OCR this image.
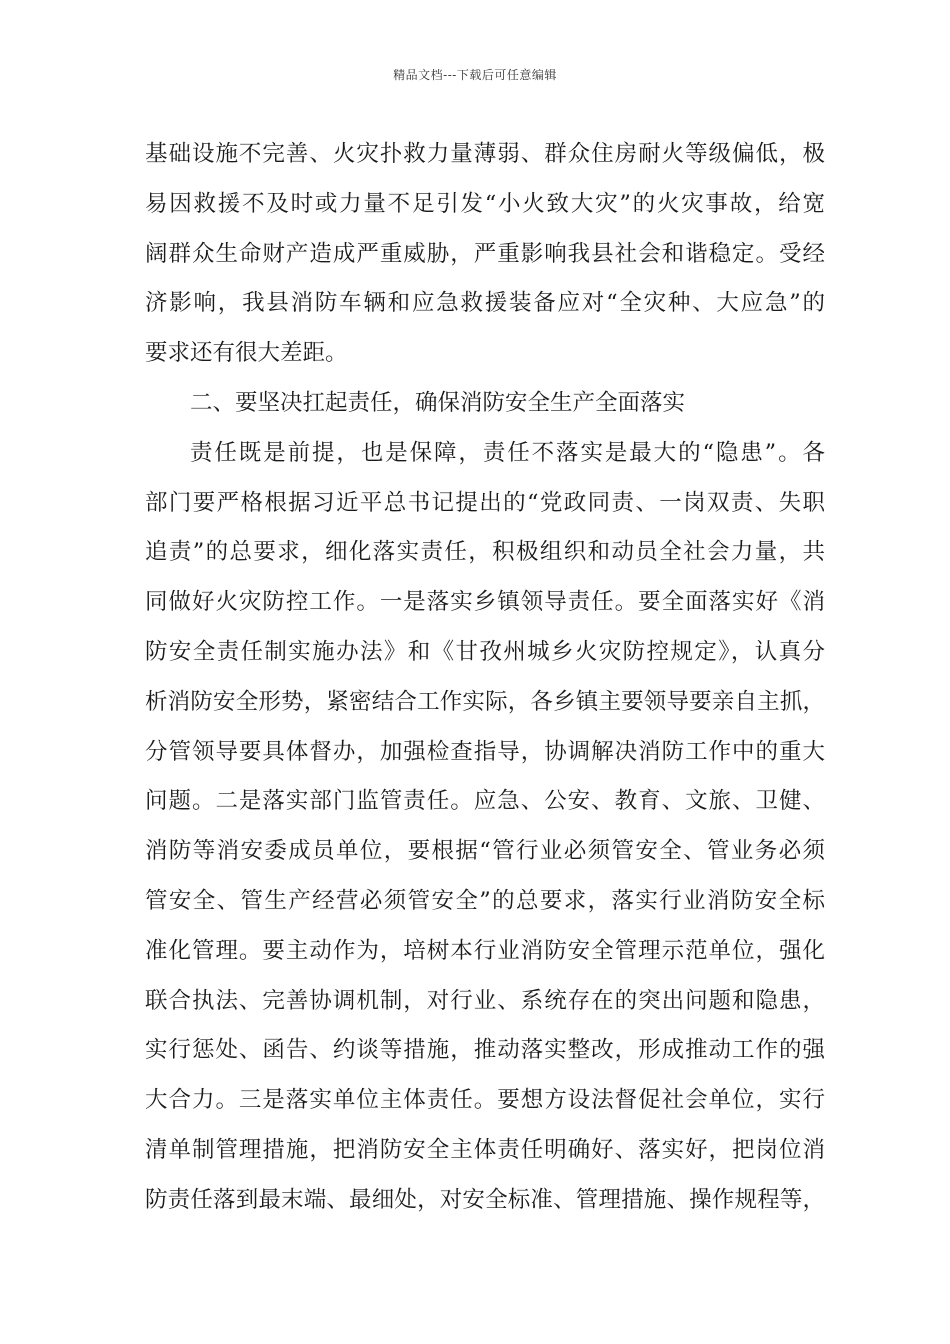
精品文档---下载后可任意编辑
基础设施不完善、火灾扑救力量薄弱、群众住房耐火等级偏低，极
易因救援不及时或力量不足引发“小火致大灾”的火灾事故，给宽
阔群众生命财产造成严重威胁，严重影响我县社会和谐稳定。受经
济影响，我县消防车辆和应急救援装备应对“全灾种、大应急”的
要求还有很大差距。
二、要坚决扛起责任，确保消防安全生产全面落实
责任既是前提，也是保障，责任不落实是最大的“隐患”。各
部门要严格根据习近平总书记提出的“党政同责、一岗双责、失职
追责”的总要求，细化落实责任，积极组织和动员全社会力量，共
同做好火灾防控工作。一是落实乡镇领导责任。要全面落实好《消
防安全责任制实施办法》和《甘孜州城乡火灾防控规定》，认真分
析消防安全形势，紧密结合工作实际，各乡镇主要领导要亲自主抓，
分管领导要具体督办，加强检查指导，协调解决消防工作中的重大
问题。二是落实部门监管责任。应急、公安、教育、文旅、卫健、
消防等消安委成员单位，要根据“管行业必须管安全、管业务必须
管安全、管生产经营必须管安全”的总要求，落实行业消防安全标
准化管理。要主动作为，培树本行业消防安全管理示范单位，强化
联合执法、完善协调机制，对行业、系统存在的突出问题和隐患，
实行惩处、函告、约谈等措施，推动落实整改，形成推动工作的强
大合力。三是落实单位主体责任。要想方设法督促社会单位，实行
清单制管理措施，把消防安全主体责任明确好、落实好，把岗位消
防责任落到最末端、最细处，对安全标准、管理措施、操作规程等，
